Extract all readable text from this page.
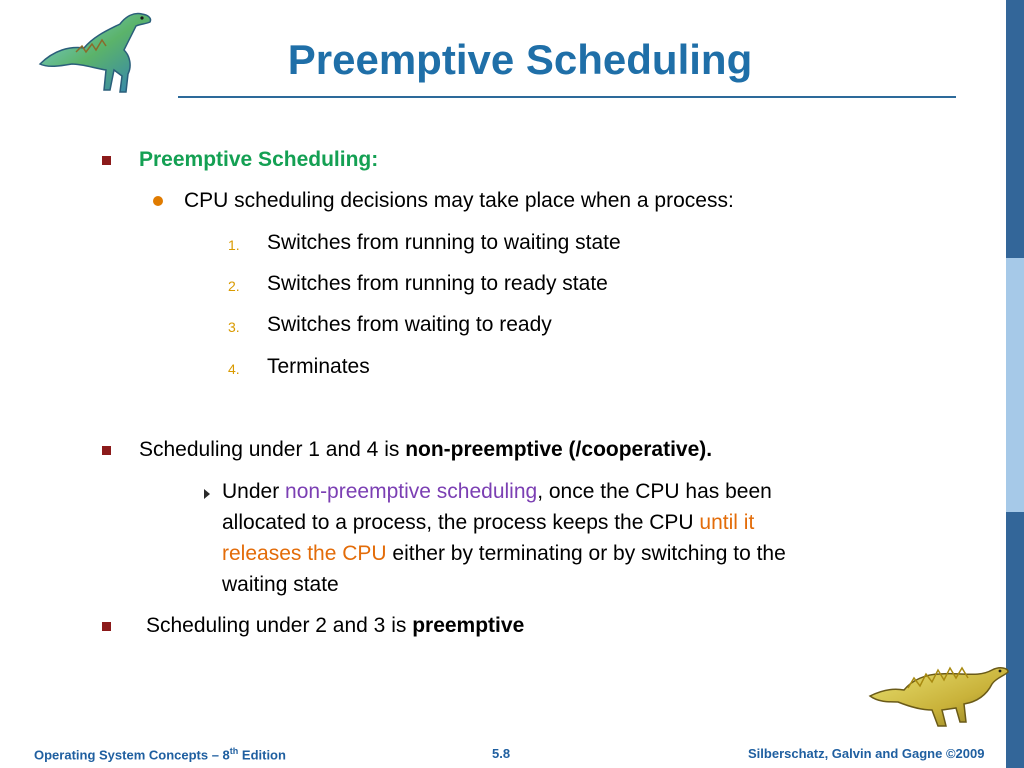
Preemptive Scheduling
Preemptive Scheduling:
CPU scheduling decisions may take place when a process:
1. Switches from running to waiting state
2. Switches from running to ready state
3. Switches from waiting to ready
4. Terminates
Scheduling under 1 and 4 is non-preemptive (/cooperative).
Under non-preemptive scheduling, once the CPU has been
allocated to a process, the process keeps the CPU until it
releases the CPU either by terminating or by switching to the
waiting state
Scheduling under 2 and 3 is preemptive
Operating System Concepts – 8th Edition	5.8	Silberschatz, Galvin and Gagne ©2009
